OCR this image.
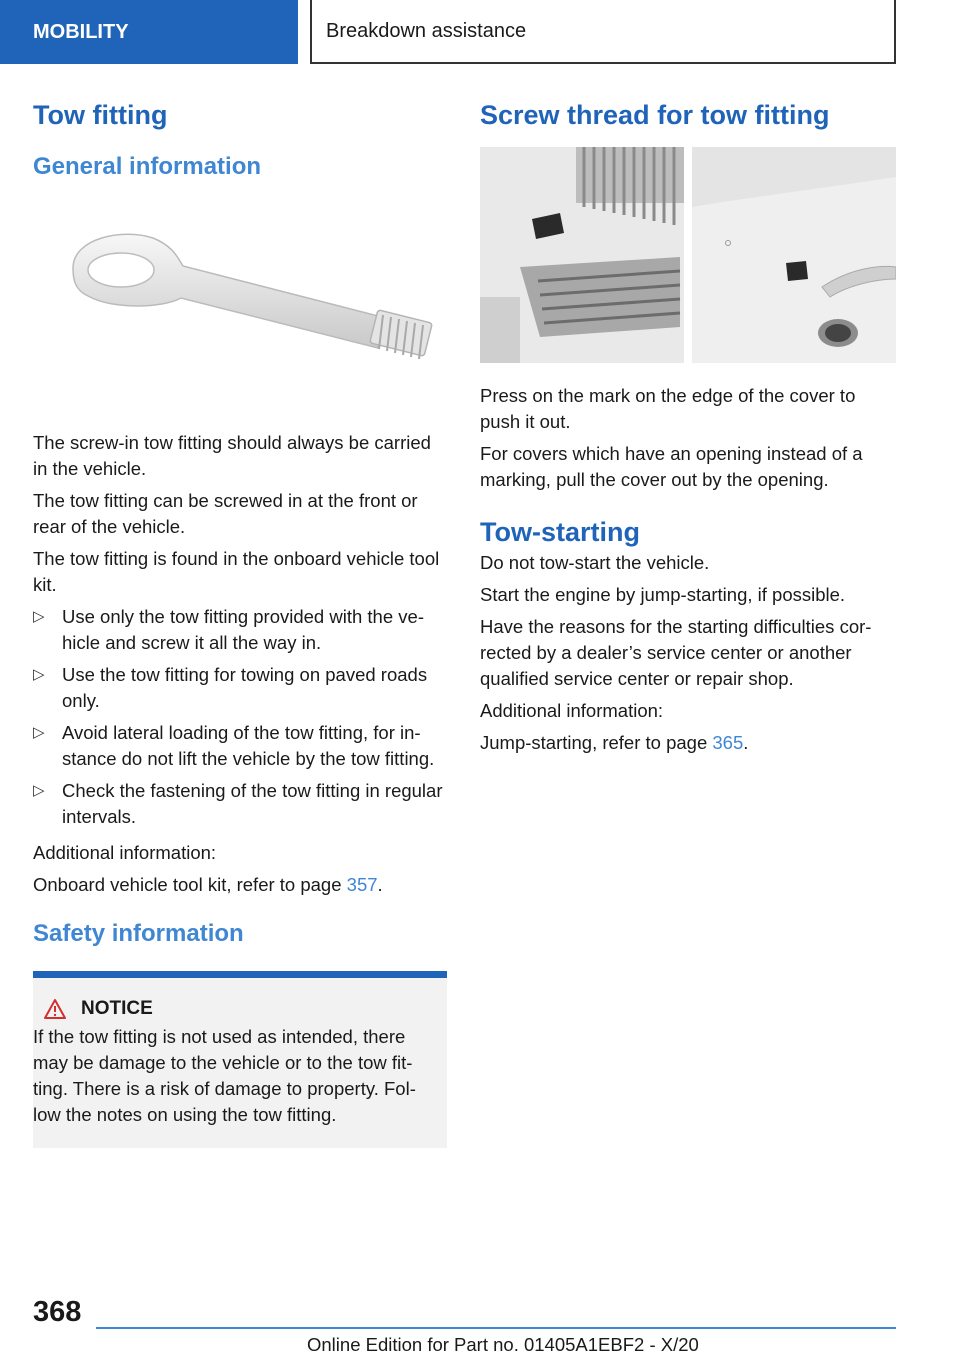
MOBILITY	Breakdown assistance
Tow fitting
General information

The screw-in tow fitting should always be carried in the vehicle.

The tow fitting can be screwed in at the front or rear of the vehicle.

The tow fitting is found in the onboard vehicle tool kit.

▷ Use only the tow fitting provided with the vehicle and screw it all the way in.
▷ Use the tow fitting for towing on paved roads only.
▷ Avoid lateral loading of the tow fitting, for instance do not lift the vehicle by the tow fitting.
▷ Check the fastening of the tow fitting in regular intervals.

Additional information:

Onboard vehicle tool kit, refer to page 357.

Safety information
NOTICE

If the tow fitting is not used as intended, there may be damage to the vehicle or to the tow fitting. There is a risk of damage to property. Follow the notes on using the tow fitting.

Screw thread for tow fitting

Press on the mark on the edge of the cover to push it out.

For covers which have an opening instead of a marking, pull the cover out by the opening.

Tow-starting

Do not tow-start the vehicle.

Start the engine by jump-starting, if possible.

Have the reasons for the starting difficulties corrected by a dealer’s service center or another qualified service center or repair shop.

Additional information:

Jump-starting, refer to page 365.

368
Online Edition for Part no. 01405A1EBF2 - X/20
